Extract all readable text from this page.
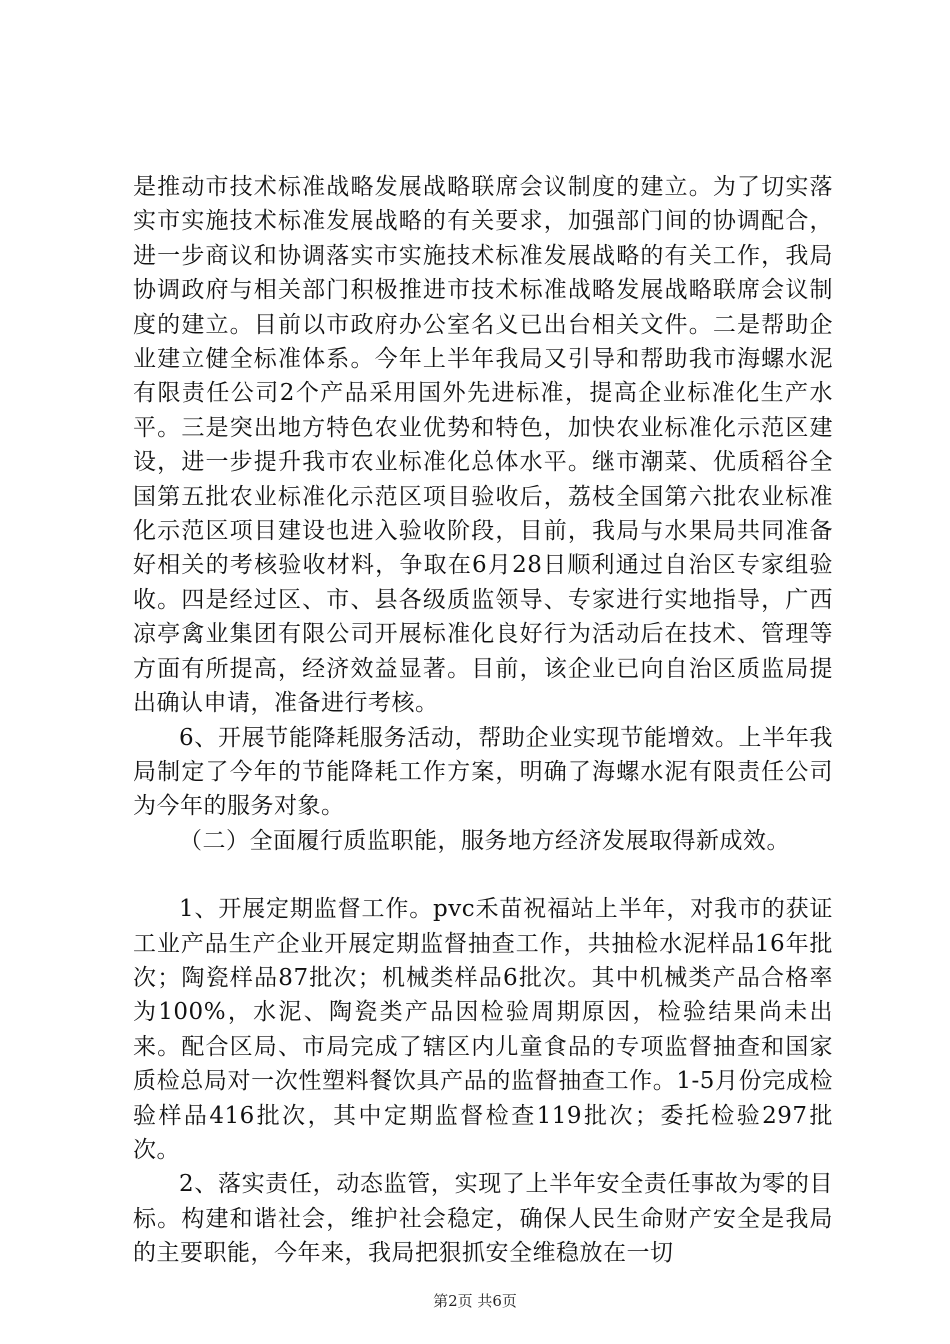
是推动市技术标准战略发展战略联席会议制度的建立。为了切实落实市实施技术标准发展战略的有关要求，加强部门间的协调配合，进一步商议和协调落实市实施技术标准发展战略的有关工作，我局协调政府与相关部门积极推进市技术标准战略发展战略联席会议制度的建立。目前以市政府办公室名义已出台相关文件。二是帮助企业建立健全标准体系。今年上半年我局又引导和帮助我市海螺水泥有限责任公司2个产品采用国外先进标准，提高企业标准化生产水平。三是突出地方特色农业优势和特色，加快农业标准化示范区建设，进一步提升我市农业标准化总体水平。继市潮菜、优质稻谷全国第五批农业标准化示范区项目验收后，荔枝全国第六批农业标准化示范区项目建设也进入验收阶段，目前，我局与水果局共同准备好相关的考核验收材料，争取在6月28日顺利通过自治区专家组验收。四是经过区、市、县各级质监领导、专家进行实地指导，广西凉亭禽业集团有限公司开展标准化良好行为活动后在技术、管理等方面有所提高，经济效益显著。目前，该企业已向自治区质监局提出确认申请，准备进行考核。

6、开展节能降耗服务活动，帮助企业实现节能增效。上半年我局制定了今年的节能降耗工作方案，明确了海螺水泥有限责任公司为今年的服务对象。

（二）全面履行质监职能，服务地方经济发展取得新成效。

1、开展定期监督工作。pvc禾苗祝福站上半年，对我市的获证工业产品生产企业开展定期监督抽查工作，共抽检水泥样品16年批次；陶瓷样品87批次；机械类样品6批次。其中机械类产品合格率为100%，水泥、陶瓷类产品因检验周期原因，检验结果尚未出来。配合区局、市局完成了辖区内儿童食品的专项监督抽查和国家质检总局对一次性塑料餐饮具产品的监督抽查工作。1-5月份完成检验样品416批次，其中定期监督检查119批次；委托检验297批次。

2、落实责任，动态监管，实现了上半年安全责任事故为零的目标。构建和谐社会，维护社会稳定，确保人民生命财产安全是我局的主要职能，今年来，我局把狠抓安全维稳放在一切

第2页 共6页
